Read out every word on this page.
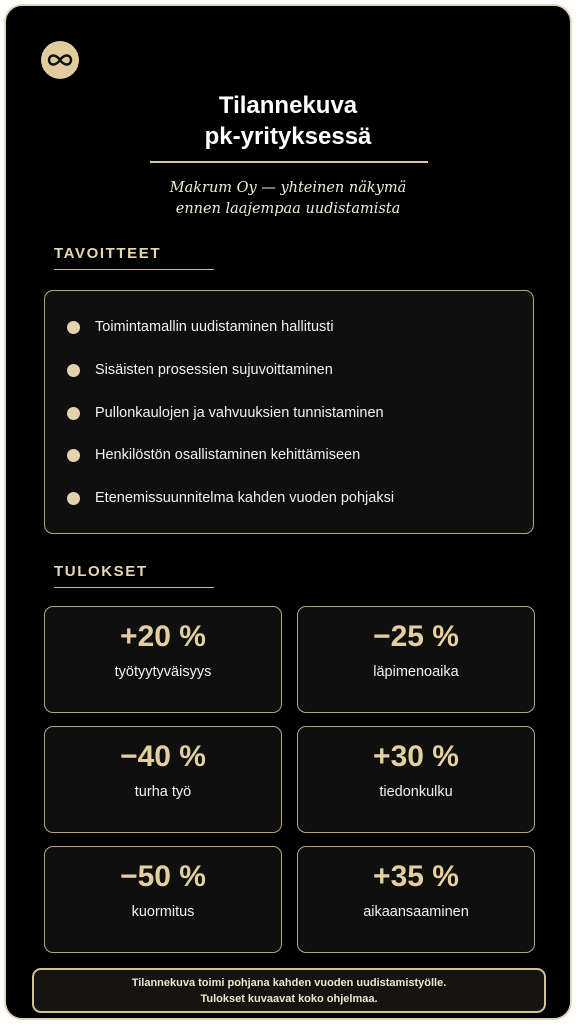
Tilannekuva
pk-yrityksessä
Makrum Oy — yhteinen näkymä
ennen laajempaa uudistamista
TAVOITTEET
Toimintamallin uudistaminen hallitusti
Sisäisten prosessien sujuvoittaminen
Pullonkaulojen ja vahvuuksien tunnistaminen
Henkilöstön osallistaminen kehittämiseen
Etenemissuunnitelma kahden vuoden pohjaksi
TULOKSET
+20 %
työtyytyväisyys
−25 %
läpimenoaika
−40 %
turha työ
+30 %
tiedonkulku
−50 %
kuormitus
+35 %
aikaansaaminen
Tilannekuva toimi pohjana kahden vuoden uudistamistyölle.
Tulokset kuvaavat koko ohjelmaa.
